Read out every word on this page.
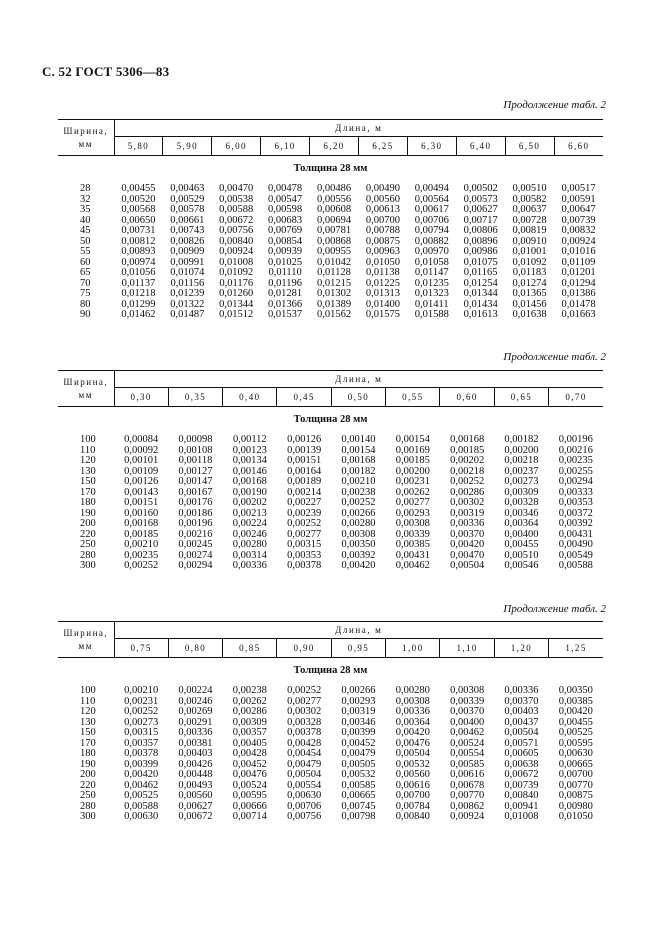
С. 52 ГОСТ 5306—83
Продолжение табл. 2
Ширина, мм	Длина, м									
	5,80	5,90	6,00	6,10	6,20	6,25	6,30	6,40	6,50	6,60
Толщина 28 мм										

28	0,00455	0,00463	0,00470	0,00478	0,00486	0,00490	0,00494	0,00502	0,00510	0,00517
32	0,00520	0,00529	0,00538	0,00547	0,00556	0,00560	0,00564	0,00573	0,00582	0,00591
35	0,00568	0,00578	0,00588	0,00598	0,00608	0,00613	0,00617	0,00627	0,00637	0,00647
40	0,00650	0,00661	0,00672	0,00683	0,00694	0,00700	0,00706	0,00717	0,00728	0,00739
45	0,00731	0,00743	0,00756	0,00769	0,00781	0,00788	0,00794	0,00806	0,00819	0,00832
50	0,00812	0,00826	0,00840	0,00854	0,00868	0,00875	0,00882	0,00896	0,00910	0,00924
55	0,00893	0,00909	0,00924	0,00939	0,00955	0,00963	0,00970	0,00986	0,01001	0,01016
60	0,00974	0,00991	0,01008	0,01025	0,01042	0,01050	0,01058	0,01075	0,01092	0,01109
65	0,01056	0,01074	0,01092	0,01110	0,01128	0,01138	0,01147	0,01165	0,01183	0,01201
70	0,01137	0,01156	0,01176	0,01196	0,01215	0,01225	0,01235	0,01254	0,01274	0,01294
75	0,01218	0,01239	0,01260	0,01281	0,01302	0,01313	0,01323	0,01344	0,01365	0,01386
80	0,01299	0,01322	0,01344	0,01366	0,01389	0,01400	0,01411	0,01434	0,01456	0,01478
90	0,01462	0,01487	0,01512	0,01537	0,01562	0,01575	0,01588	0,01613	0,01638	0,01663
Продолжение табл. 2
Ширина, мм	Длина, м								
	0,30	0,35	0,40	0,45	0,50	0,55	0,60	0,65	0,70
Толщина 28 мм									

100	0,00084	0,00098	0,00112	0,00126	0,00140	0,00154	0,00168	0,00182	0,00196
110	0,00092	0,00108	0,00123	0,00139	0,00154	0,00169	0,00185	0,00200	0,00216
120	0,00101	0,00118	0,00134	0,00151	0,00168	0,00185	0,00202	0,00218	0,00235
130	0,00109	0,00127	0,00146	0,00164	0,00182	0,00200	0,00218	0,00237	0,00255
150	0,00126	0,00147	0,00168	0,00189	0,00210	0,00231	0,00252	0,00273	0,00294
170	0,00143	0,00167	0,00190	0,00214	0,00238	0,00262	0,00286	0,00309	0,00333
180	0,00151	0,00176	0,00202	0,00227	0,00252	0,00277	0,00302	0,00328	0,00353
190	0,00160	0,00186	0,00213	0,00239	0,00266	0,00293	0,00319	0,00346	0,00372
200	0,00168	0,00196	0,00224	0,00252	0,00280	0,00308	0,00336	0,00364	0,00392
220	0,00185	0,00216	0,00246	0,00277	0,00308	0,00339	0,00370	0,00400	0,00431
250	0,00210	0,00245	0,00280	0,00315	0,00350	0,00385	0,00420	0,00455	0,00490
280	0,00235	0,00274	0,00314	0,00353	0,00392	0,00431	0,00470	0,00510	0,00549
300	0,00252	0,00294	0,00336	0,00378	0,00420	0,00462	0,00504	0,00546	0,00588
Продолжение табл. 2
Ширина, мм	Длина, м								
	0,75	0,80	0,85	0,90	0,95	1,00	1,10	1,20	1,25
Толщина 28 мм									

100	0,00210	0,00224	0,00238	0,00252	0,00266	0,00280	0,00308	0,00336	0,00350
110	0,00231	0,00246	0,00262	0,00277	0,00293	0,00308	0,00339	0,00370	0,00385
120	0,00252	0,00269	0,00286	0,00302	0,00319	0,00336	0,00370	0,00403	0,00420
130	0,00273	0,00291	0,00309	0,00328	0,00346	0,00364	0,00400	0,00437	0,00455
150	0,00315	0,00336	0,00357	0,00378	0,00399	0,00420	0,00462	0,00504	0,00525
170	0,00357	0,00381	0,00405	0,00428	0,00452	0,00476	0,00524	0,00571	0,00595
180	0,00378	0,00403	0,00428	0,00454	0,00479	0,00504	0,00554	0,00605	0,00630
190	0,00399	0,00426	0,00452	0,00479	0,00505	0,00532	0,00585	0,00638	0,00665
200	0,00420	0,00448	0,00476	0,00504	0,00532	0,00560	0,00616	0,00672	0,00700
220	0,00462	0,00493	0,00524	0,00554	0,00585	0,00616	0,00678	0,00739	0,00770
250	0,00525	0,00560	0,00595	0,00630	0,00665	0,00700	0,00770	0,00840	0,00875
280	0,00588	0,00627	0,00666	0,00706	0,00745	0,00784	0,00862	0,00941	0,00980
300	0,00630	0,00672	0,00714	0,00756	0,00798	0,00840	0,00924	0,01008	0,01050
